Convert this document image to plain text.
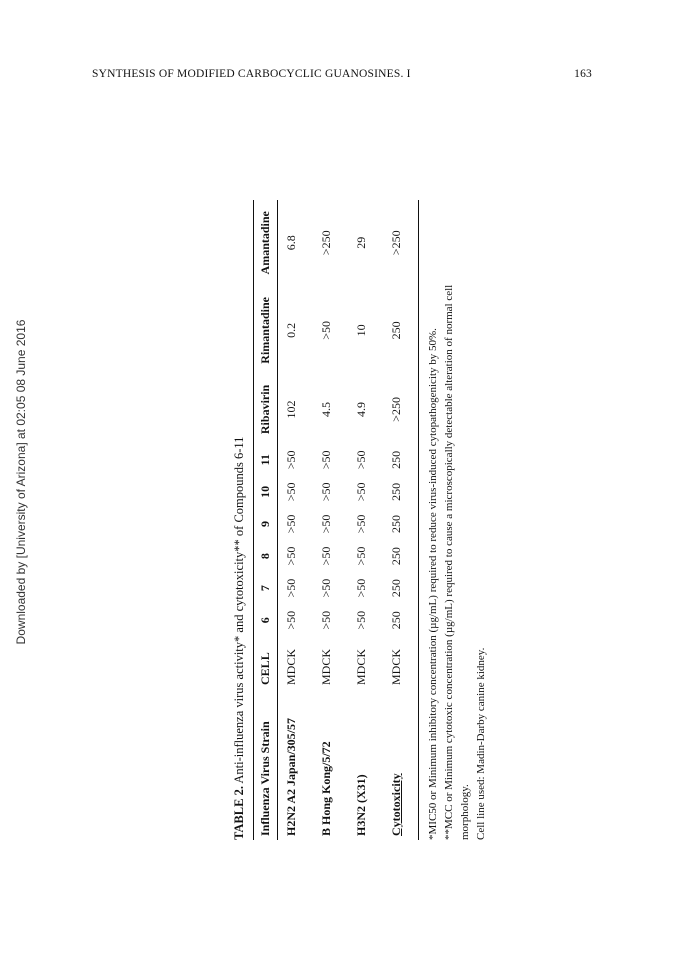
SYNTHESIS OF MODIFIED CARBOCYCLIC GUANOSINES. I	163
Downloaded by [University of Arizona] at 02:05 08 June 2016
TABLE 2. Anti-influenza virus activity* and cytotoxicity** of Compounds 6-11 Influenza Virus Strain	CELL	6	7	8	9	10	11	Ribavirin	Rimantadine	Amantadine
H2N2 A2 Japan/305/57	MDCK	>50	>50	>50	>50	>50	>50	102	0.2	6.8
B Hong Kong/5/72	MDCK	>50	>50	>50	>50	>50	>50	4.5	>50	>250
H3N2 (X31)	MDCK	>50	>50	>50	>50	>50	>50	4.9	10	29
Cytotoxicity	MDCK	250	250	250	250	250	250	>250	250	>250
*MIC50 or Minimum inhibitory concentration (µg/mL) required to reduce virus-induced cytopathogenicity by 50%. **MCC or Minimum cytotoxic concentration (µg/mL) required to cause a microscopically detectable alteration of normal cell morphology. Cell line used: Madin-Darby canine kidney.
